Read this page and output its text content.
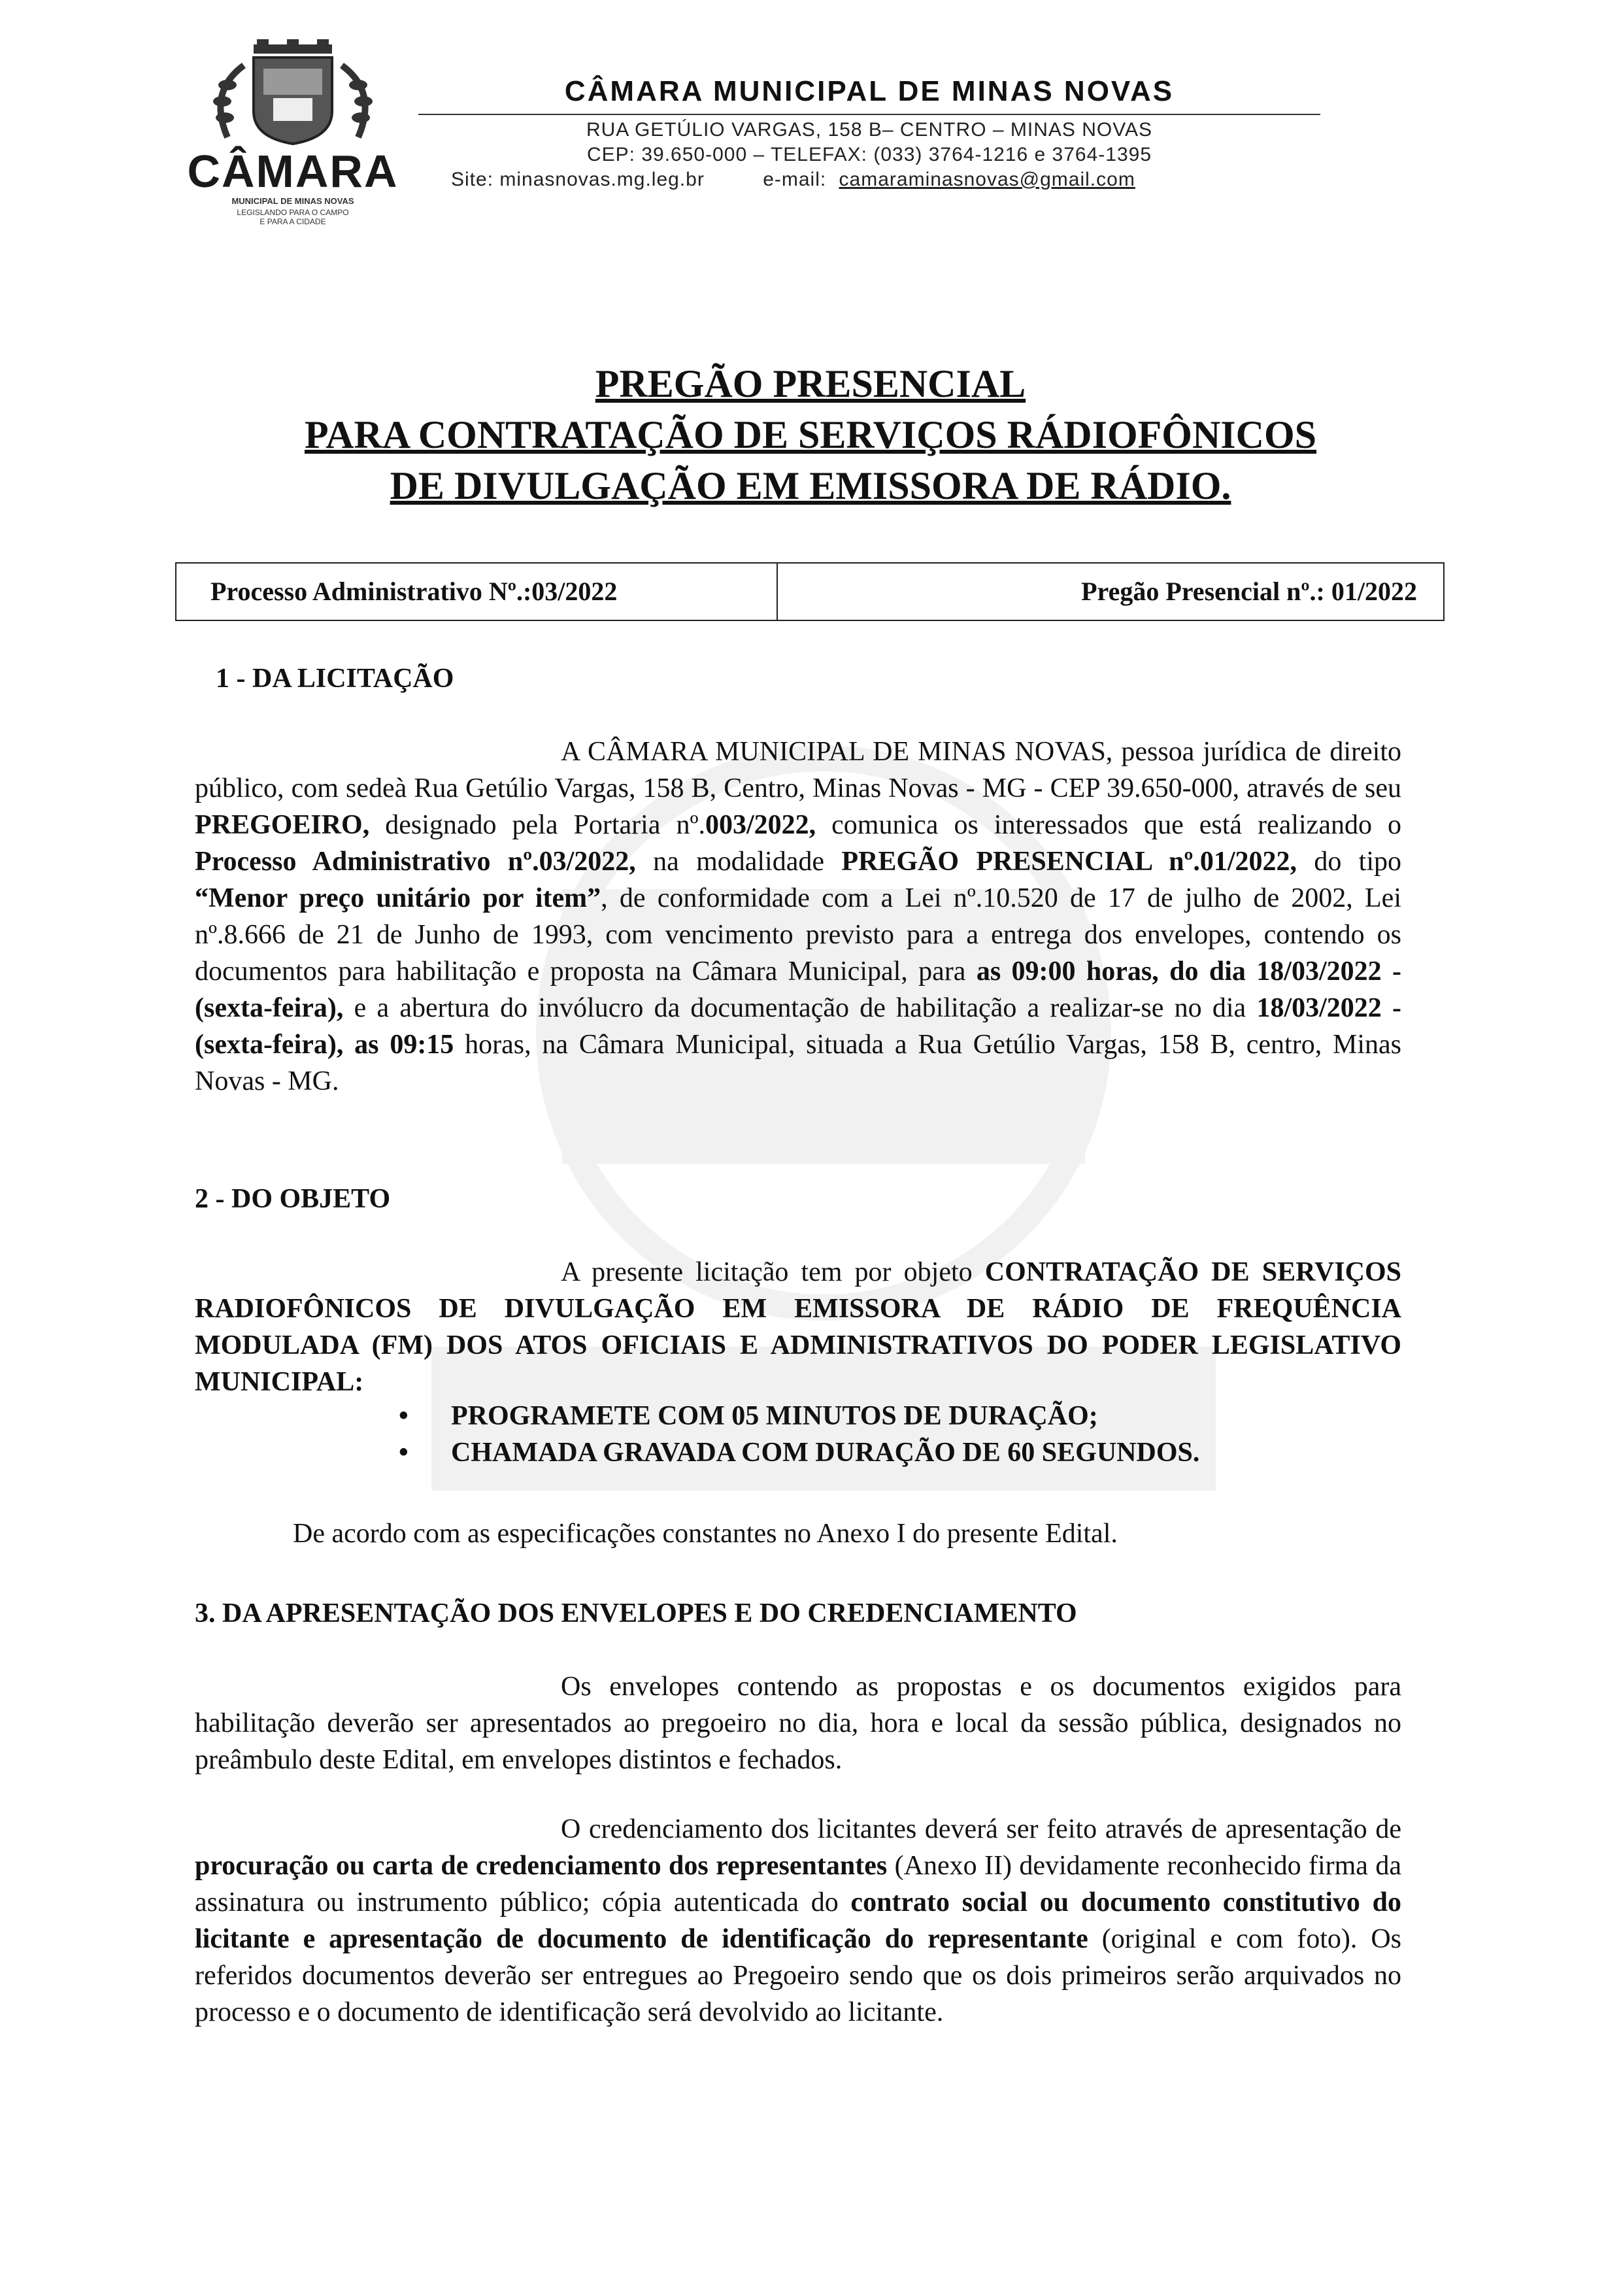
CÂMARA
MUNICIPAL DE MINAS NOVAS
LEGISLANDO PARA O CAMPO
E PARA A CIDADE
CÂMARA MUNICIPAL DE MINAS NOVAS
RUA GETÚLIO VARGAS, 158 B– CENTRO – MINAS NOVAS
CEP: 39.650-000 – TELEFAX: (033) 3764-1216 e 3764-1395
Site: minasnovas.mg.leg.br	e-mail: camaraminasnovas@gmail.com
PREGÃO PRESENCIAL
PARA CONTRATAÇÃO DE SERVIÇOS RÁDIOFÔNICOS
DE DIVULGAÇÃO EM EMISSORA DE RÁDIO.
Processo Administrativo Nº.:03/2022	Pregão Presencial nº.: 01/2022
1 - DA LICITAÇÃO
A CÂMARA MUNICIPAL DE MINAS NOVAS, pessoa jurídica de direito público, com sedeà Rua Getúlio Vargas, 158 B, Centro, Minas Novas - MG - CEP 39.650-000, através de seu PREGOEIRO, designado pela Portaria nº.003/2022, comunica os interessados que está realizando o Processo Administrativo nº.03/2022, na modalidade PREGÃO PRESENCIAL nº.01/2022, do tipo “Menor preço unitário por item”, de conformidade com a Lei nº.10.520 de 17 de julho de 2002, Lei nº.8.666 de 21 de Junho de 1993, com vencimento previsto para a entrega dos envelopes, contendo os documentos para habilitação e proposta na Câmara Municipal, para as 09:00 horas, do dia 18/03/2022 - (sexta-feira), e a abertura do invólucro da documentação de habilitação a realizar-se no dia 18/03/2022 - (sexta-feira), as 09:15 horas, na Câmara Municipal, situada a Rua Getúlio Vargas, 158 B, centro, Minas Novas - MG.
2 - DO OBJETO
A presente licitação tem por objeto CONTRATAÇÃO DE SERVIÇOS RADIOFÔNICOS DE DIVULGAÇÃO EM EMISSORA DE RÁDIO DE FREQUÊNCIA MODULADA (FM) DOS ATOS OFICIAIS E ADMINISTRATIVOS DO PODER LEGISLATIVO MUNICIPAL:
•	PROGRAMETE COM 05 MINUTOS DE DURAÇÃO;
•	CHAMADA GRAVADA COM DURAÇÃO DE 60 SEGUNDOS.
De acordo com as especificações constantes no Anexo I do presente Edital.
3. DA APRESENTAÇÃO DOS ENVELOPES E DO CREDENCIAMENTO
Os envelopes contendo as propostas e os documentos exigidos para habilitação deverão ser apresentados ao pregoeiro no dia, hora e local da sessão pública, designados no preâmbulo deste Edital, em envelopes distintos e fechados.
O credenciamento dos licitantes deverá ser feito através de apresentação de procuração ou carta de credenciamento dos representantes (Anexo II) devidamente reconhecido firma da assinatura ou instrumento público; cópia autenticada do contrato social ou documento constitutivo do licitante e apresentação de documento de identificação do representante (original e com foto). Os referidos documentos deverão ser entregues ao Pregoeiro sendo que os dois primeiros serão arquivados no processo e o documento de identificação será devolvido ao licitante.
